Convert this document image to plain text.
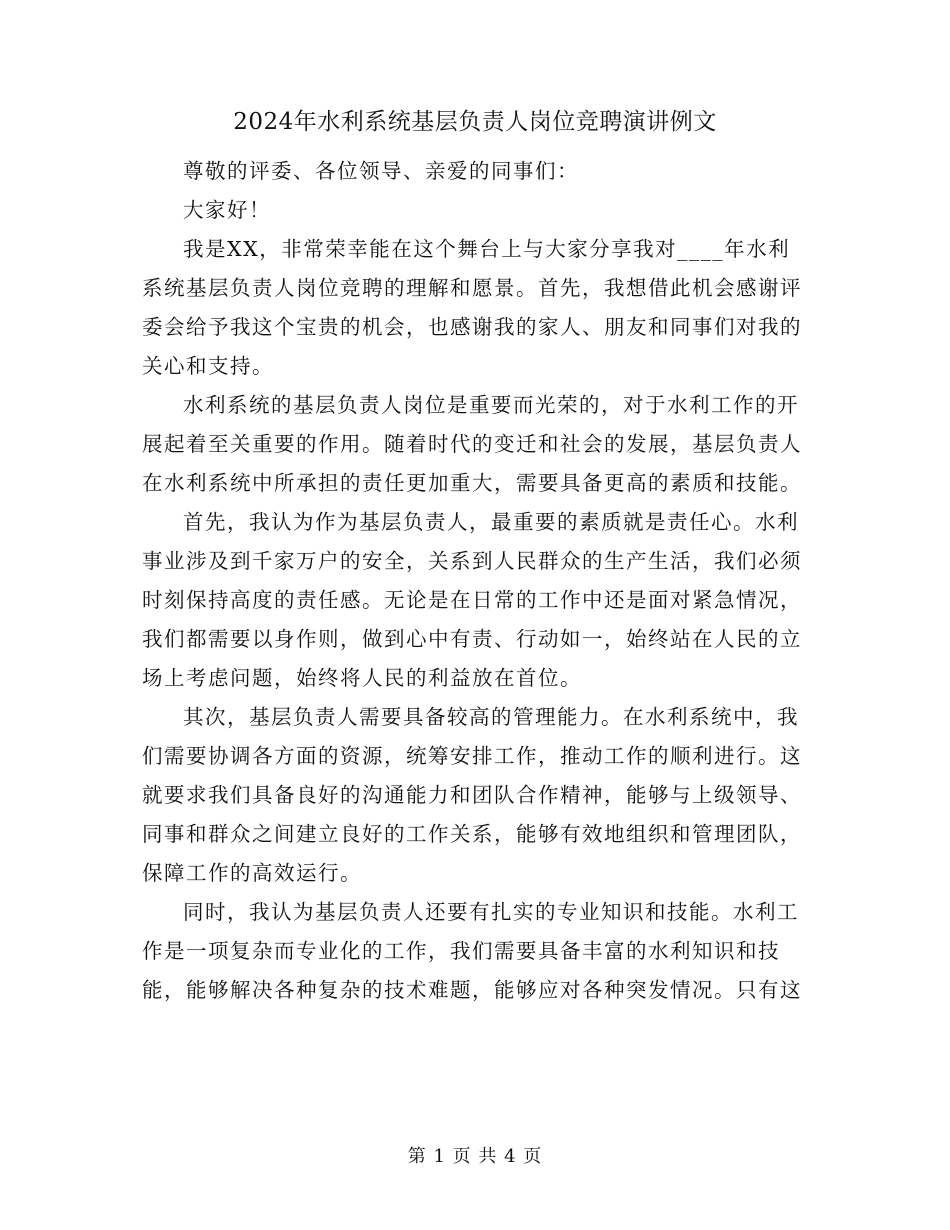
2024年水利系统基层负责人岗位竞聘演讲例文

尊敬的评委、各位领导、亲爱的同事们：

大家好！

我是XX，非常荣幸能在这个舞台上与大家分享我对____年水利系统基层负责人岗位竞聘的理解和愿景。首先，我想借此机会感谢评委会给予我这个宝贵的机会，也感谢我的家人、朋友和同事们对我的关心和支持。

水利系统的基层负责人岗位是重要而光荣的，对于水利工作的开展起着至关重要的作用。随着时代的变迁和社会的发展，基层负责人在水利系统中所承担的责任更加重大，需要具备更高的素质和技能。

首先，我认为作为基层负责人，最重要的素质就是责任心。水利事业涉及到千家万户的安全，关系到人民群众的生产生活，我们必须时刻保持高度的责任感。无论是在日常的工作中还是面对紧急情况，我们都需要以身作则，做到心中有责、行动如一，始终站在人民的立场上考虑问题，始终将人民的利益放在首位。

其次，基层负责人需要具备较高的管理能力。在水利系统中，我们需要协调各方面的资源，统筹安排工作，推动工作的顺利进行。这就要求我们具备良好的沟通能力和团队合作精神，能够与上级领导、同事和群众之间建立良好的工作关系，能够有效地组织和管理团队，保障工作的高效运行。

同时，我认为基层负责人还要有扎实的专业知识和技能。水利工作是一项复杂而专业化的工作，我们需要具备丰富的水利知识和技能，能够解决各种复杂的技术难题，能够应对各种突发情况。只有这

第 1 页 共 4 页
